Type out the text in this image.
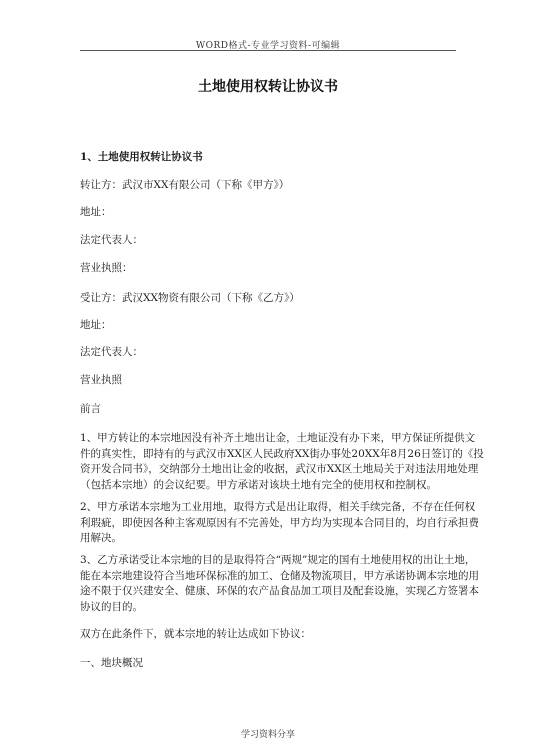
WORD格式-专业学习资料-可编辑
土地使用权转让协议书
1、土地使用权转让协议书
转让方：武汉市XX有限公司（下称《甲方》）
地址：
法定代表人：
营业执照：
受让方：武汉XX物资有限公司（下称《乙方》）
地址：
法定代表人：
营业执照
前言
1、甲方转让的本宗地因没有补齐土地出让金，土地证没有办下来，甲方保证所提供文
件的真实性，即持有的与武汉市XX区人民政府XX街办事处20XX年8月26日签订的《投
资开发合同书》，交纳部分土地出让金的收据，武汉市XX区土地局关于对违法用地处理
（包括本宗地）的会议纪要。甲方承诺对该块土地有完全的使用权和控制权。
2、甲方承诺本宗地为工业用地，取得方式是出让取得，相关手续完备，不存在任何权
利瑕疵，即使因各种主客观原因有不完善处，甲方均为实现本合同目的，均自行承担费
用解决。
3、乙方承诺受让本宗地的目的是取得符合“两规”规定的国有土地使用权的出让土地，
能在本宗地建设符合当地环保标准的加工、仓储及物流项目，甲方承诺协调本宗地的用
途不限于仅兴建安全、健康、环保的农产品食品加工项目及配套设施，实现乙方签署本
协议的目的。
双方在此条件下，就本宗地的转让达成如下协议：
一、地块概况
学习资料分享
